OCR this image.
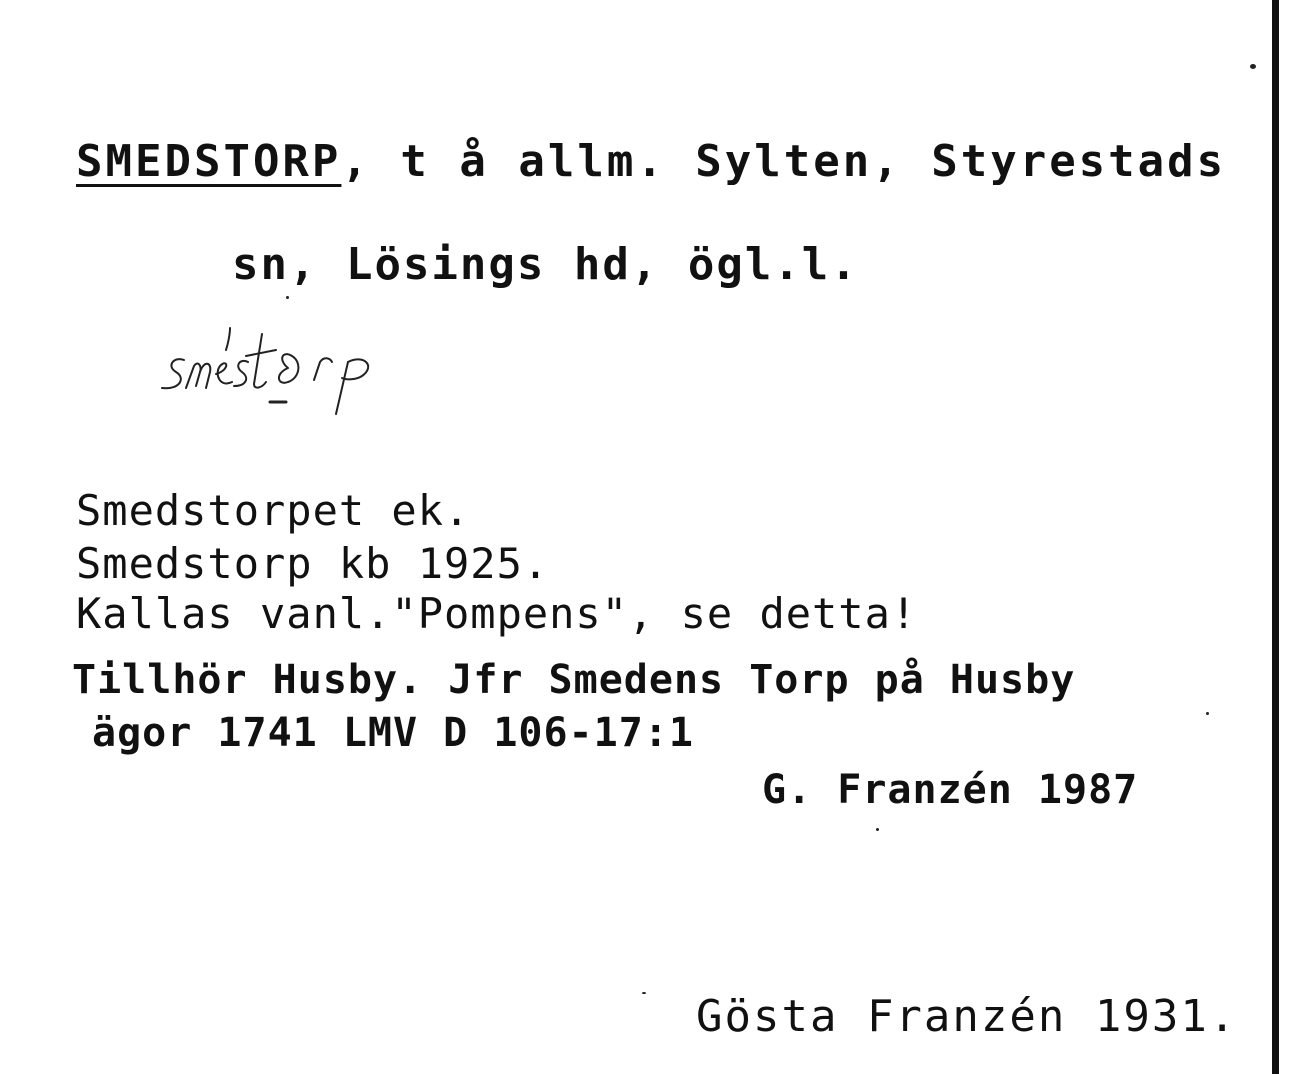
SMEDSTORP, t å allm. Sylten, Styrestads
sn, Lösings hd, ögl.l.
Smedstorpet ek.
Smedstorp kb 1925.
Kallas vanl."Pompens", se detta!
Tillhör Husby. Jfr Smedens Torp på Husby
ägor 1741 LMV D 106-17:1
G. Franzén 1987
Gösta Franzén 1931.
